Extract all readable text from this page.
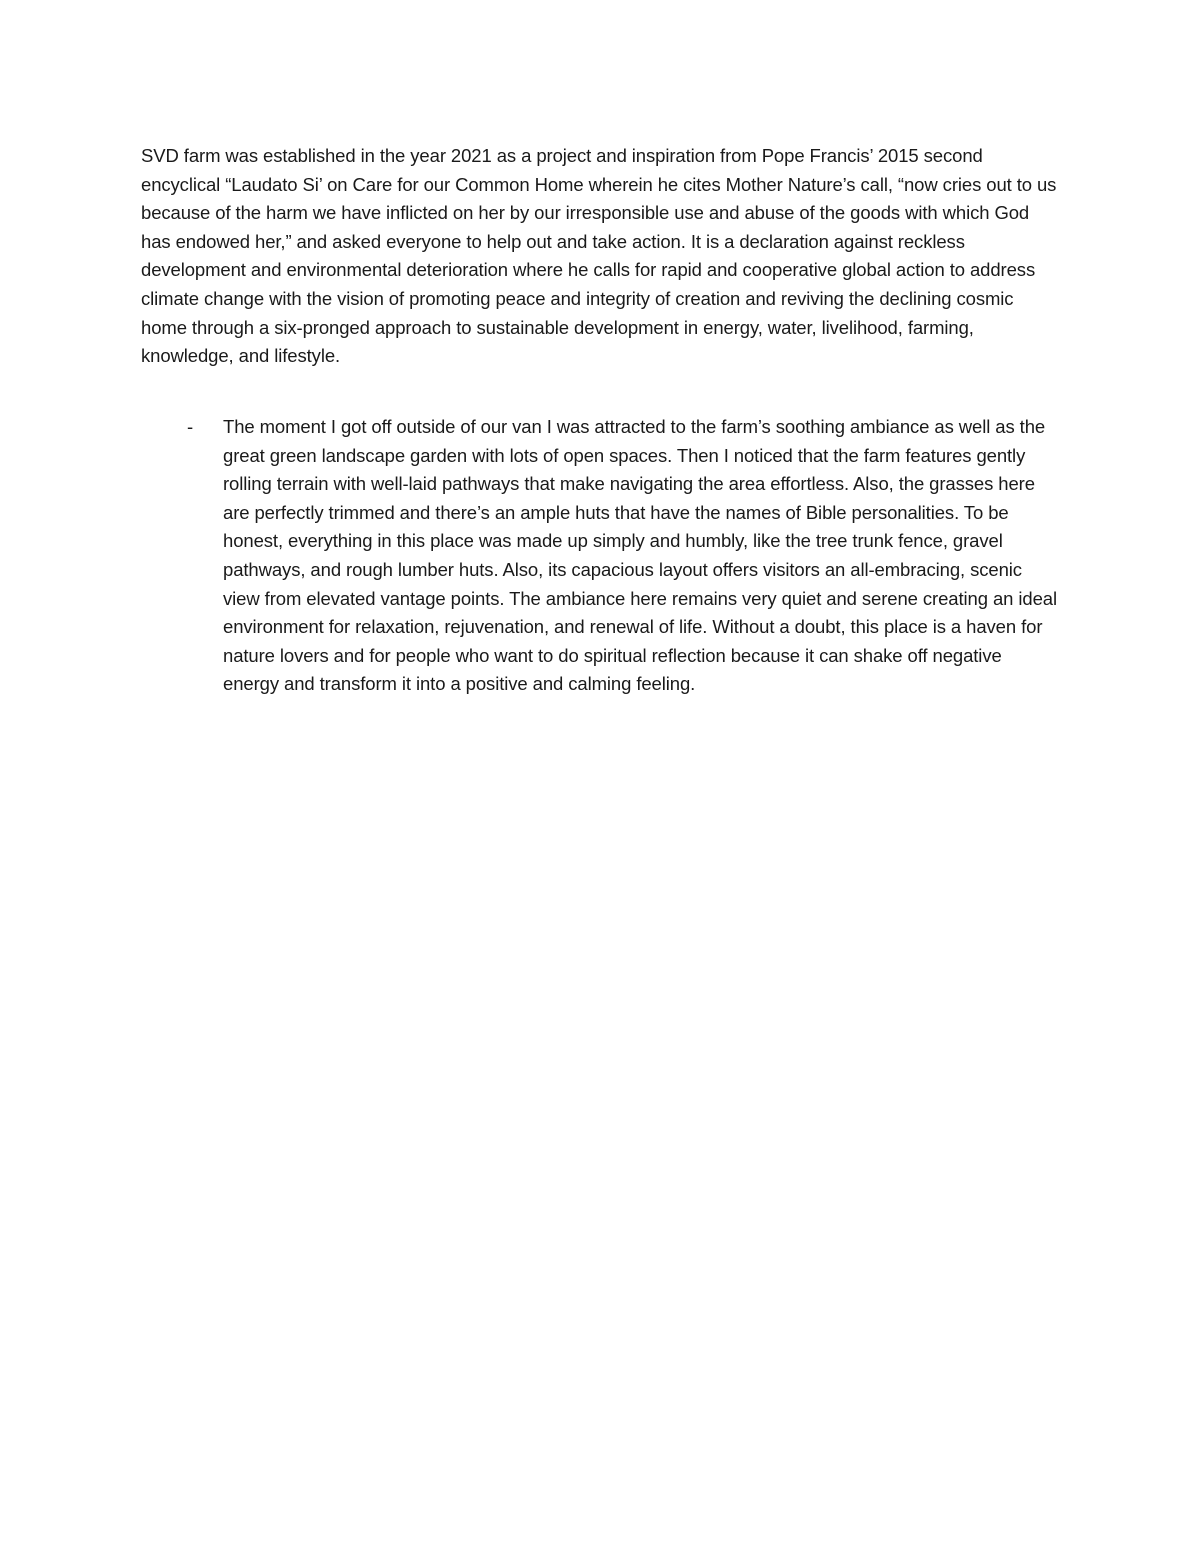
SVD farm was established in the year 2021 as a project and inspiration from Pope Francis’ 2015 second encyclical “Laudato Si’ on Care for our Common Home wherein he cites Mother Nature’s call, “now cries out to us because of the harm we have inflicted on her by our irresponsible use and abuse of the goods with which God has endowed her,” and asked everyone to help out and take action. It is a declaration against reckless development and environmental deterioration where he calls for rapid and cooperative global action to address climate change with the vision of promoting peace and integrity of creation and reviving the declining cosmic home through a six-pronged approach to sustainable development in energy, water, livelihood, farming, knowledge, and lifestyle.

- The moment I got off outside of our van I was attracted to the farm’s soothing ambiance as well as the great green landscape garden with lots of open spaces. Then I noticed that the farm features gently rolling terrain with well-laid pathways that make navigating the area effortless. Also, the grasses here are perfectly trimmed and there’s an ample huts that have the names of Bible personalities. To be honest, everything in this place was made up simply and humbly, like the tree trunk fence, gravel pathways, and rough lumber huts. Also, its capacious layout offers visitors an all-embracing, scenic view from elevated vantage points. The ambiance here remains very quiet and serene creating an ideal environment for relaxation, rejuvenation, and renewal of life. Without a doubt, this place is a haven for nature lovers and for people who want to do spiritual reflection because it can shake off negative energy and transform it into a positive and calming feeling.
